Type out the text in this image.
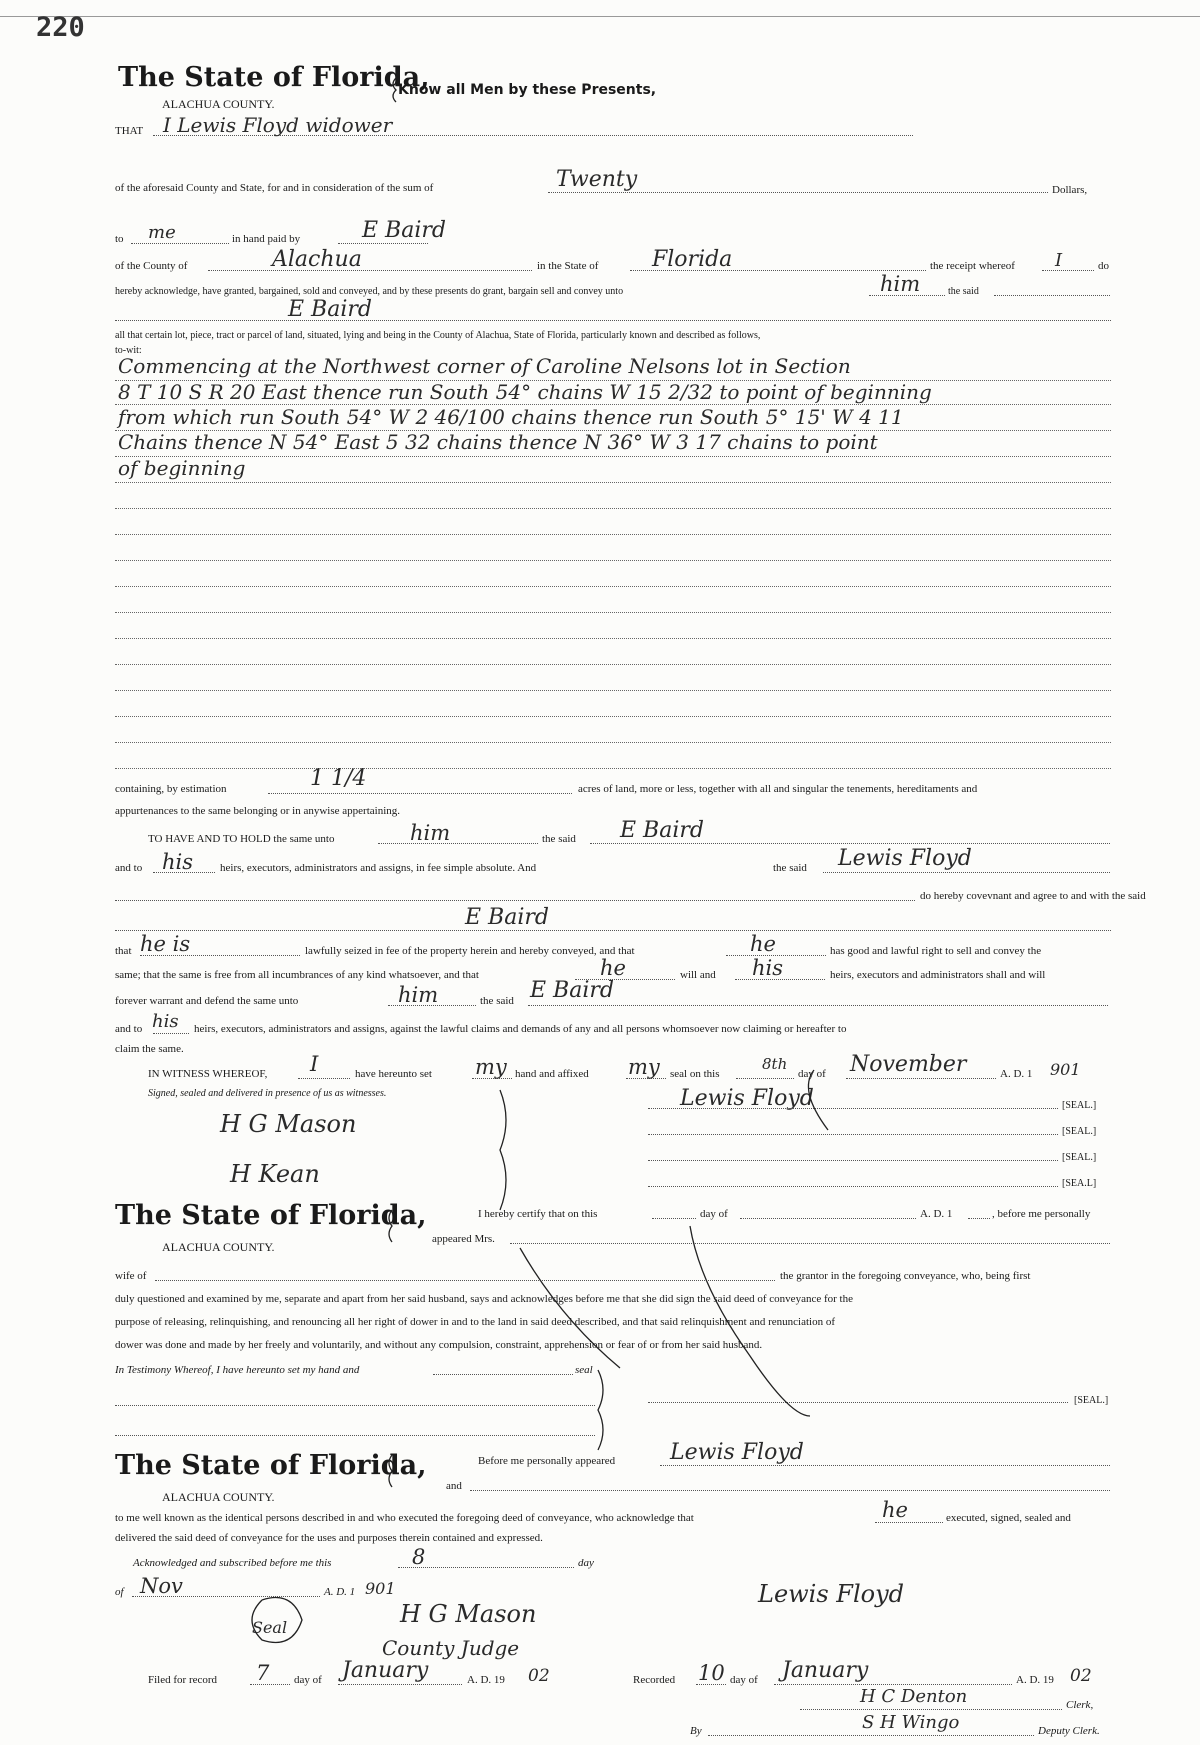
220
The State of Florida,
ALACHUA COUNTY.
Know all Men by these Presents,
THAT I Lewis Floyd widower
of the aforesaid County and State, for and in consideration of the sum of	Twenty	Dollars,
to me	in hand paid by	E Baird
of the County of	Alachua	in the State of Florida	the receipt whereof I	do
hereby acknowledge, have granted, bargained, sold and conveyed, and by these presents do grant, bargain sell and convey unto	him	the said
E Baird
all that certain lot, piece, tract or parcel of land, situated, lying and being in the County of Alachua, State of Florida, particularly known and described as follows,
to-wit:
Commencing at the Northwest corner of Caroline Nelsons lot in Section
8 T 10 S R 20 East thence run South 54° chains W 15 2/32 to point of beginning
from which run South 54° W 2 46/100 chains thence run South 5° 15' W 4 11
Chains thence N 54° East 5 32 chains thence N 36° W 3 17 chains to point
of beginning
containing, by estimation	1 1/4	acres of land, more or less, together with all and singular the tenements, hereditaments and
appurtenances to the same belonging or in anywise appertaining.
TO HAVE AND TO HOLD the same unto	him	the said E Baird
and to his heirs, executors, administrators and assigns, in fee simple absolute. And	the said Lewis Floyd
do hereby covevnant and agree to and with the said
E Baird
that he is	lawfully seized in fee of the property herein and hereby conveyed, and that	he	has good and lawful right to sell and convey the
same; that the same is free from all incumbrances of any kind whatsoever, and that	he	will and his	heirs, executors and administrators shall and will
forever warrant and defend the same unto	him	the said E Baird
and to his heirs, executors, administrators and assigns, against the lawful claims and demands of any and all persons whomsoever now claiming or hereafter to
claim the same.
IN WITNESS WHEREOF, I	have hereunto set my hand and affixed my seal on this
8th
day of November	A. D. 1 901
Signed, sealed and delivered in presence of us as witnesses.
H G Mason
H Kean
Lewis Floyd	[SEAL.]
[SEAL.]
[SEAL.]
[SEA.L]
The State of Florida,
ALACHUA COUNTY.
I hereby certify that on this	day of	A. D. 1	, before me personally
appeared Mrs.
wife of	the grantor in the foregoing conveyance, who, being first
duly questioned and examined by me, separate and apart from her said husband, says and acknowledges before me that she did sign the said deed of conveyance for the
purpose of releasing, relinquishing, and renouncing all her right of dower in and to the land in said deed described, and that said relinquishment and renunciation of
dower was done and made by her freely and voluntarily, and without any compulsion, constraint, apprehension or fear of or from her said husband.
In Testimony Whereof, I have hereunto set my hand and	seal
[SEAL.]
The State of Florida,
ALACHUA COUNTY.
Before me personally appeared Lewis Floyd
and
to me well known as the identical persons described in and who executed the foregoing deed of conveyance, who acknowledge that	he	executed, signed, sealed and
delivered the said deed of conveyance for the uses and purposes therein contained and expressed.
Acknowledged and subscribed before me this	8	day
of Nov	A. D. 1 901
H G Mason
County Judge
Seal
Lewis Floyd
Filed for record 7 day of January	A. D. 19 02	Recorded 10 day of January	A. D. 19 02
H C Denton	Clerk,
By	S H Wingo	Deputy Clerk.
